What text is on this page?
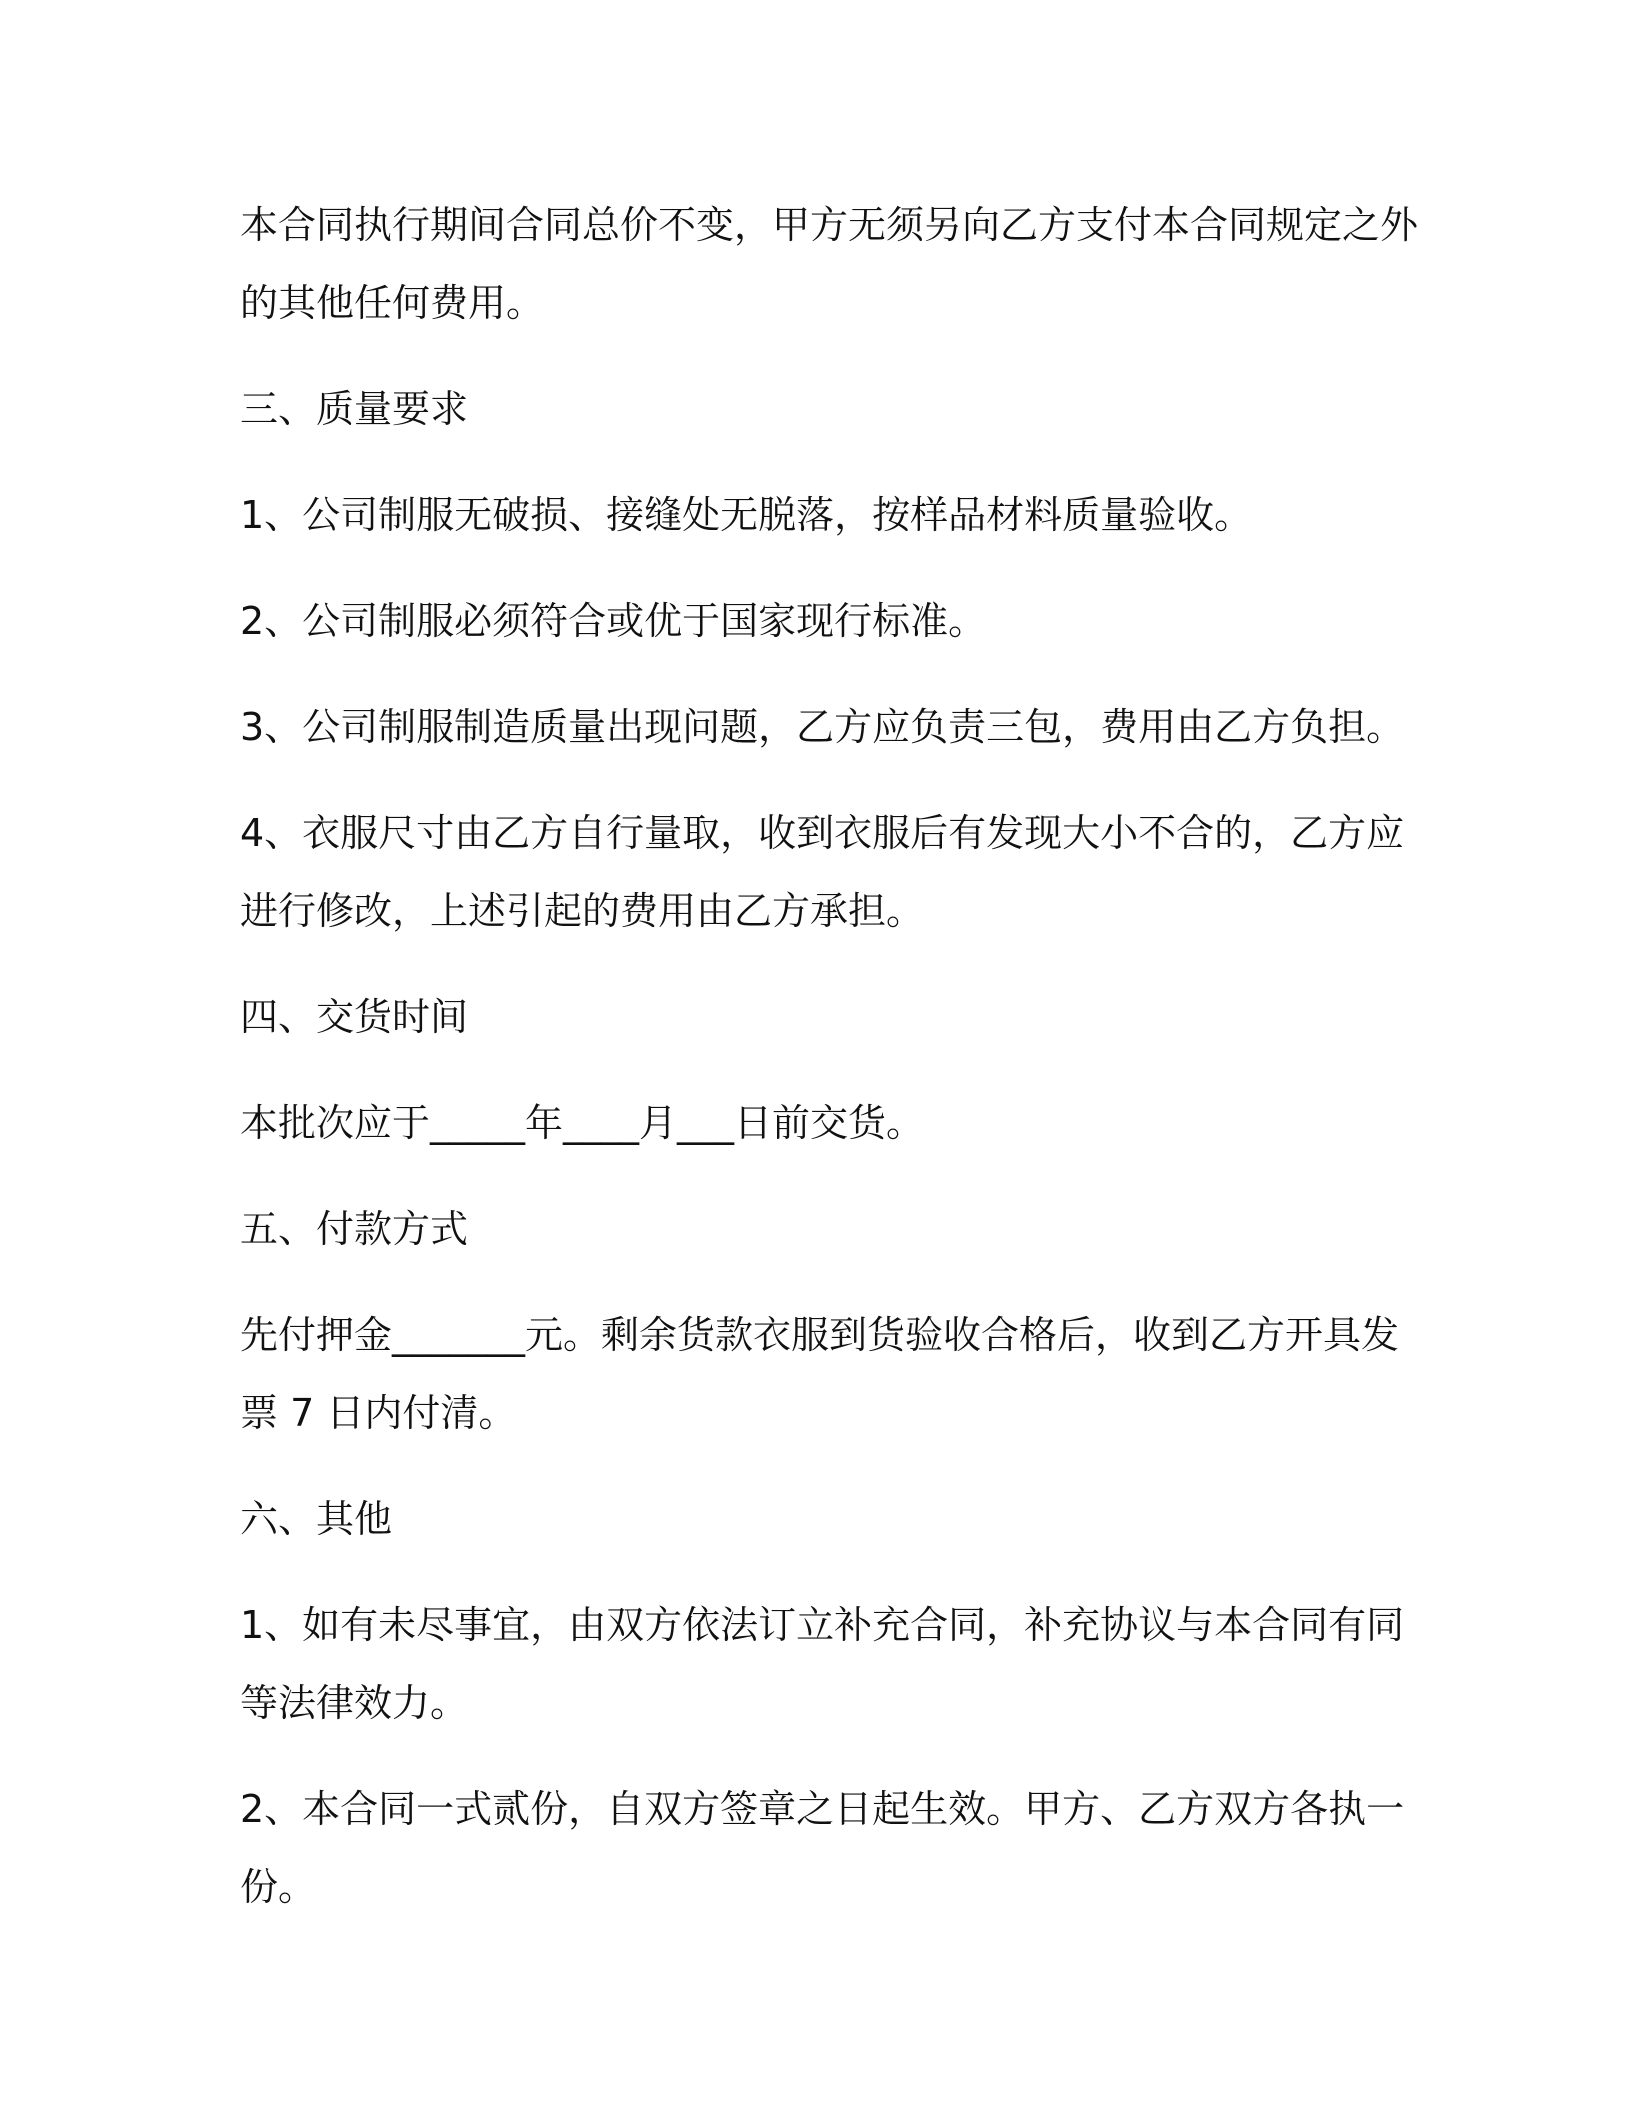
本合同执行期间合同总价不变，甲方无须另向乙方支付本合同规定之外的其他任何费用。

三、质量要求

1、公司制服无破损、接缝处无脱落，按样品材料质量验收。

2、公司制服必须符合或优于国家现行标准。

3、公司制服制造质量出现问题，乙方应负责三包，费用由乙方负担。

4、衣服尺寸由乙方自行量取，收到衣服后有发现大小不合的，乙方应进行修改，上述引起的费用由乙方承担。

四、交货时间

本批次应于_____年____月___日前交货。

五、付款方式

先付押金_______元。剩余货款衣服到货验收合格后，收到乙方开具发票 7 日内付清。

六、其他

1、如有未尽事宜，由双方依法订立补充合同，补充协议与本合同有同等法律效力。

2、本合同一式贰份，自双方签章之日起生效。甲方、乙方双方各执一份。
